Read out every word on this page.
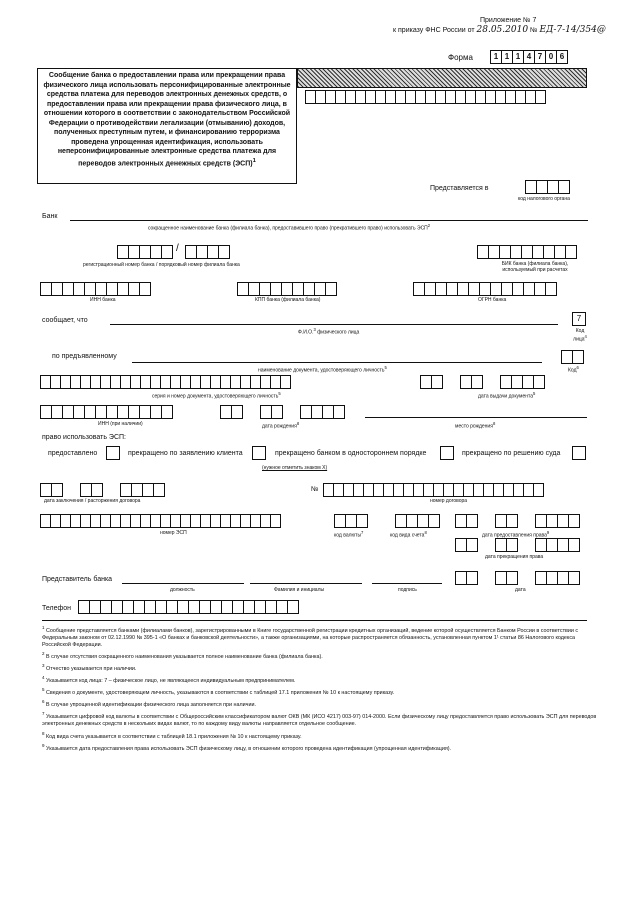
Приложение № 7
к приказу ФНС России от 28.05.2010 № ЕД-7-14/354@
Форма	1 1 1 4 7 0 6
Сообщение банка о предоставлении права или прекращении права физического лица использовать персонифицированные электронные средства платежа для переводов электронных денежных средств, о предоставлении права или прекращении права физического лица, в отношении которого в соответствии с законодательством Российской Федерации о противодействии легализации (отмыванию) доходов, полученных преступным путем, и финансированию терроризма проведена упрощенная идентификация, использовать неперсонифицированные электронные средства платежа для переводов электронных денежных средств (ЭСП)$^1$
Представляется в
код налогового органа
Банк
сокращенное наименование банка (филиала банка), предоставившего право (прекратившего право) использовать ЭСП$^2$
/
регистрационный номер банка / порядковый номер филиала банка	БИК банка (филиала банка), используемый при расчетах
ИНН банка	КПП банка (филиала банка)	ОГРН банка
сообщает, что
Ф.И.О.$^3$ физического лица
7
Код лица$^4$
по предъявленному
наименование документа, удостоверяющего личность$^5$
Код$^6$
серия и номер документа, удостоверяющего личность$^5$
дата выдачи документа$^5$
ИНН (при наличии)	дата рождения$^8$
место рождения$^8$
право использовать ЭСП:
предоставлено	прекращено по заявлению клиента	прекращено банком в одностороннем порядке	прекращено по решению суда
(нужное отметить знаком Х)
дата заключения / расторжения договора
№
номер договора
номер ЭСП	код валюты$^7$
код вида счета$^8$
дата предоставления права$^9$
дата прекращения права
Представитель банка
должность	Фамилия и инициалы	подпись	дата
Телефон
$^1$ Сообщение представляется банками (филиалами банков), зарегистрированными в Книге государственной регистрации кредитных организаций, ведение которой осуществляется Банком России в соответствии с Федеральным законом от 02.12.1990 № 395-1 «О банках и банковской деятельности», а также организациями, на которые распространяется обязанность, установленная пунктом 1¹ статьи 86 Налогового кодекса Российской Федерации.
$^2$ В случае отсутствия сокращенного наименования указывается полное наименование банка (филиала банка).
$^3$ Отчество указывается при наличии.
$^4$ Указывается код лица: 7 – физическое лицо, не являющееся индивидуальным предпринимателем.
$^5$ Сведения о документе, удостоверяющем личность, указываются в соответствии с таблицей 17.1 приложения № 10 к настоящему приказу.
$^6$ В случае упрощенной идентификации физического лица заполняется при наличии.
$^7$ Указывается цифровой код валюты в соответствии с Общероссийским классификатором валют ОКВ (МК (ИСО 4217) 003-97) 014-2000. Если физическому лицу предоставляется право использовать ЭСП для переводов электронных денежных средств в нескольких видах валют, то по каждому виду валюты направляется отдельное сообщение.
$^8$ Код вида счета указывается в соответствии с таблицей 18.1 приложения № 10 к настоящему приказу.
$^9$ Указывается дата предоставления права использовать ЭСП физическому лицу, в отношении которого проведена идентификация (упрощенная идентификация).
